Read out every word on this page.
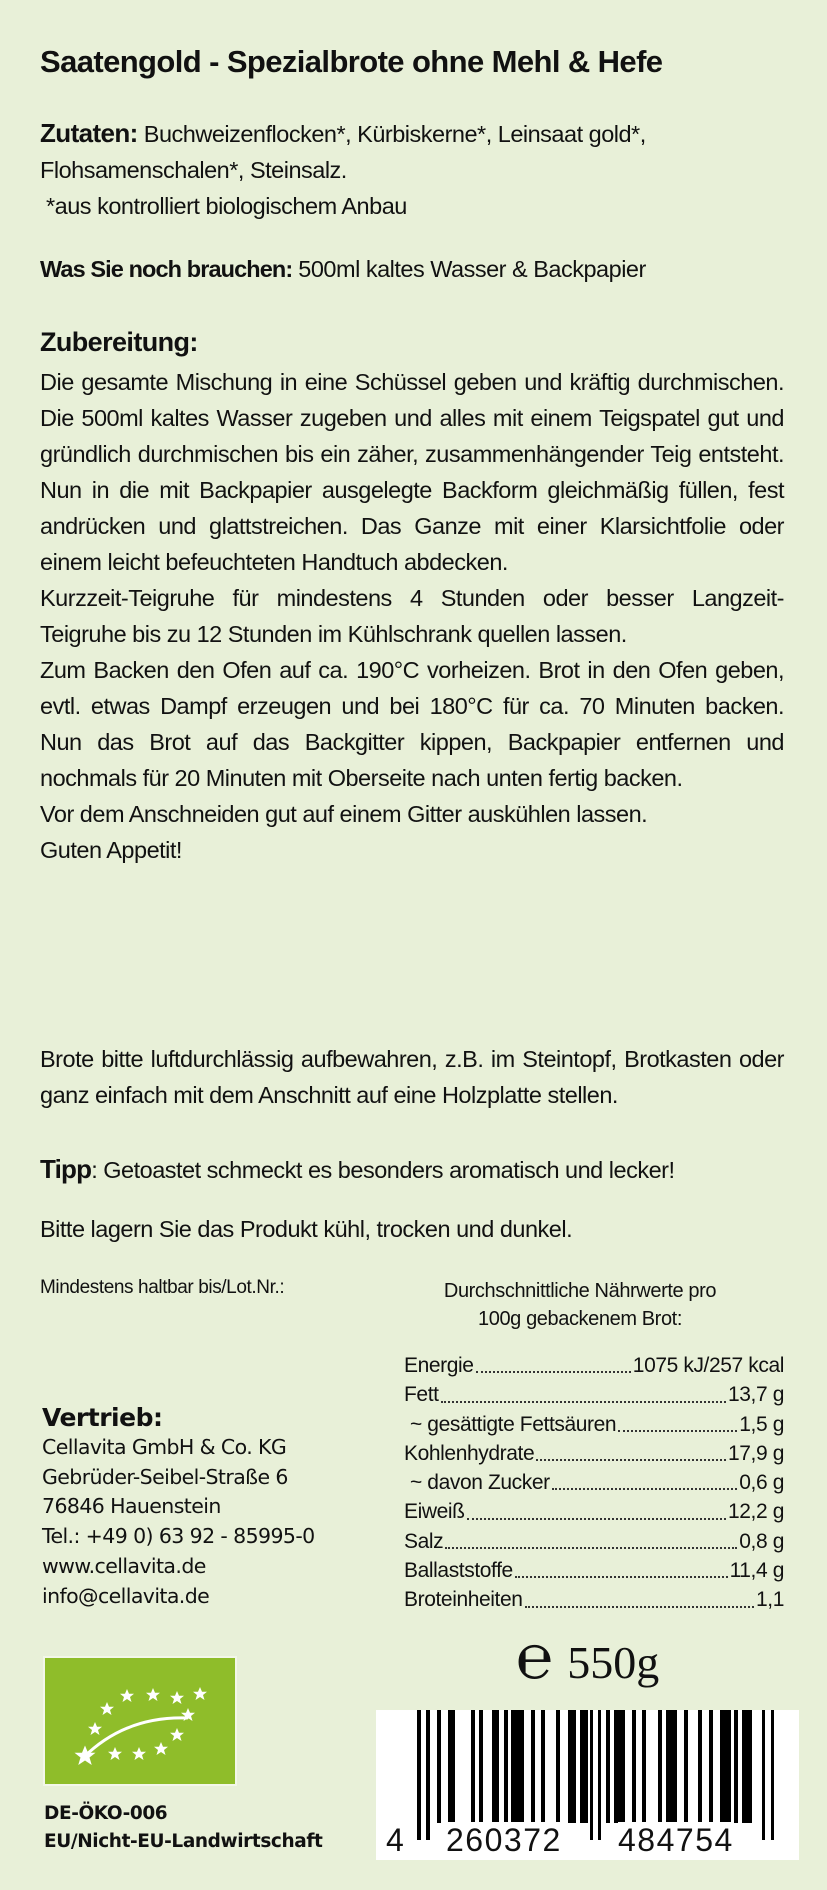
Saatengold - Spezialbrote ohne Mehl & Hefe
Zutaten: Buchweizenflocken*, Kürbiskerne*, Leinsaat gold*, Flohsamenschalen*, Steinsalz.
*aus kontrolliert biologischem Anbau
Was Sie noch brauchen: 500ml kaltes Wasser & Backpapier
Zubereitung:

Die gesamte Mischung in eine Schüssel geben und kräftig durchmischen. Die 500ml kaltes Wasser zugeben und alles mit einem Teigspatel gut und gründlich durchmischen bis ein zäher, zusammenhängender Teig entsteht. Nun in die mit Backpapier ausgelegte Backform gleichmäßig füllen, fest andrücken und glattstreichen. Das Ganze mit einer Klarsichtfolie oder einem leicht befeuchteten Handtuch abdecken.

Kurzzeit-Teigruhe für mindestens 4 Stunden oder besser Langzeit-Teigruhe bis zu 12 Stunden im Kühlschrank quellen lassen.

Zum Backen den Ofen auf ca. 190°C vorheizen. Brot in den Ofen geben, evtl. etwas Dampf erzeugen und bei 180°C für ca. 70 Minuten backen. Nun das Brot auf das Backgitter kippen, Backpapier entfernen und nochmals für 20 Minuten mit Oberseite nach unten fertig backen.

Vor dem Anschneiden gut auf einem Gitter auskühlen lassen.

Guten Appetit!

Brote bitte luftdurchlässig aufbewahren, z.B. im Steintopf, Brotkasten oder ganz einfach mit dem Anschnitt auf eine Holzplatte stellen.

Tipp: Getoastet schmeckt es besonders aromatisch und lecker!
Bitte lagern Sie das Produkt kühl, trocken und dunkel.
Mindestens haltbar bis/Lot.Nr.:	Durchschnittliche Nährwerte pro
100g gebackenem Brot:
Energie	1075 kJ/257 kcal
Fett	13,7 g
~ gesättigte Fettsäuren	1,5 g
Kohlenhydrate	17,9 g
~ davon Zucker	0,6 g
Eiweiß	12,2 g
Salz	0,8 g
Ballaststoffe	11,4 g
Broteinheiten	1,1
Vertrieb:
Cellavita GmbH & Co. KG
Gebrüder-Seibel-Straße 6
76846 Hauenstein
Tel.: +49 0) 63 92 - 85995-0
www.cellavita.de
info@cellavita.de
℮ 550g
DE-ÖKO-006
EU/Nicht-EU-Landwirtschaft 4 260372 484754
